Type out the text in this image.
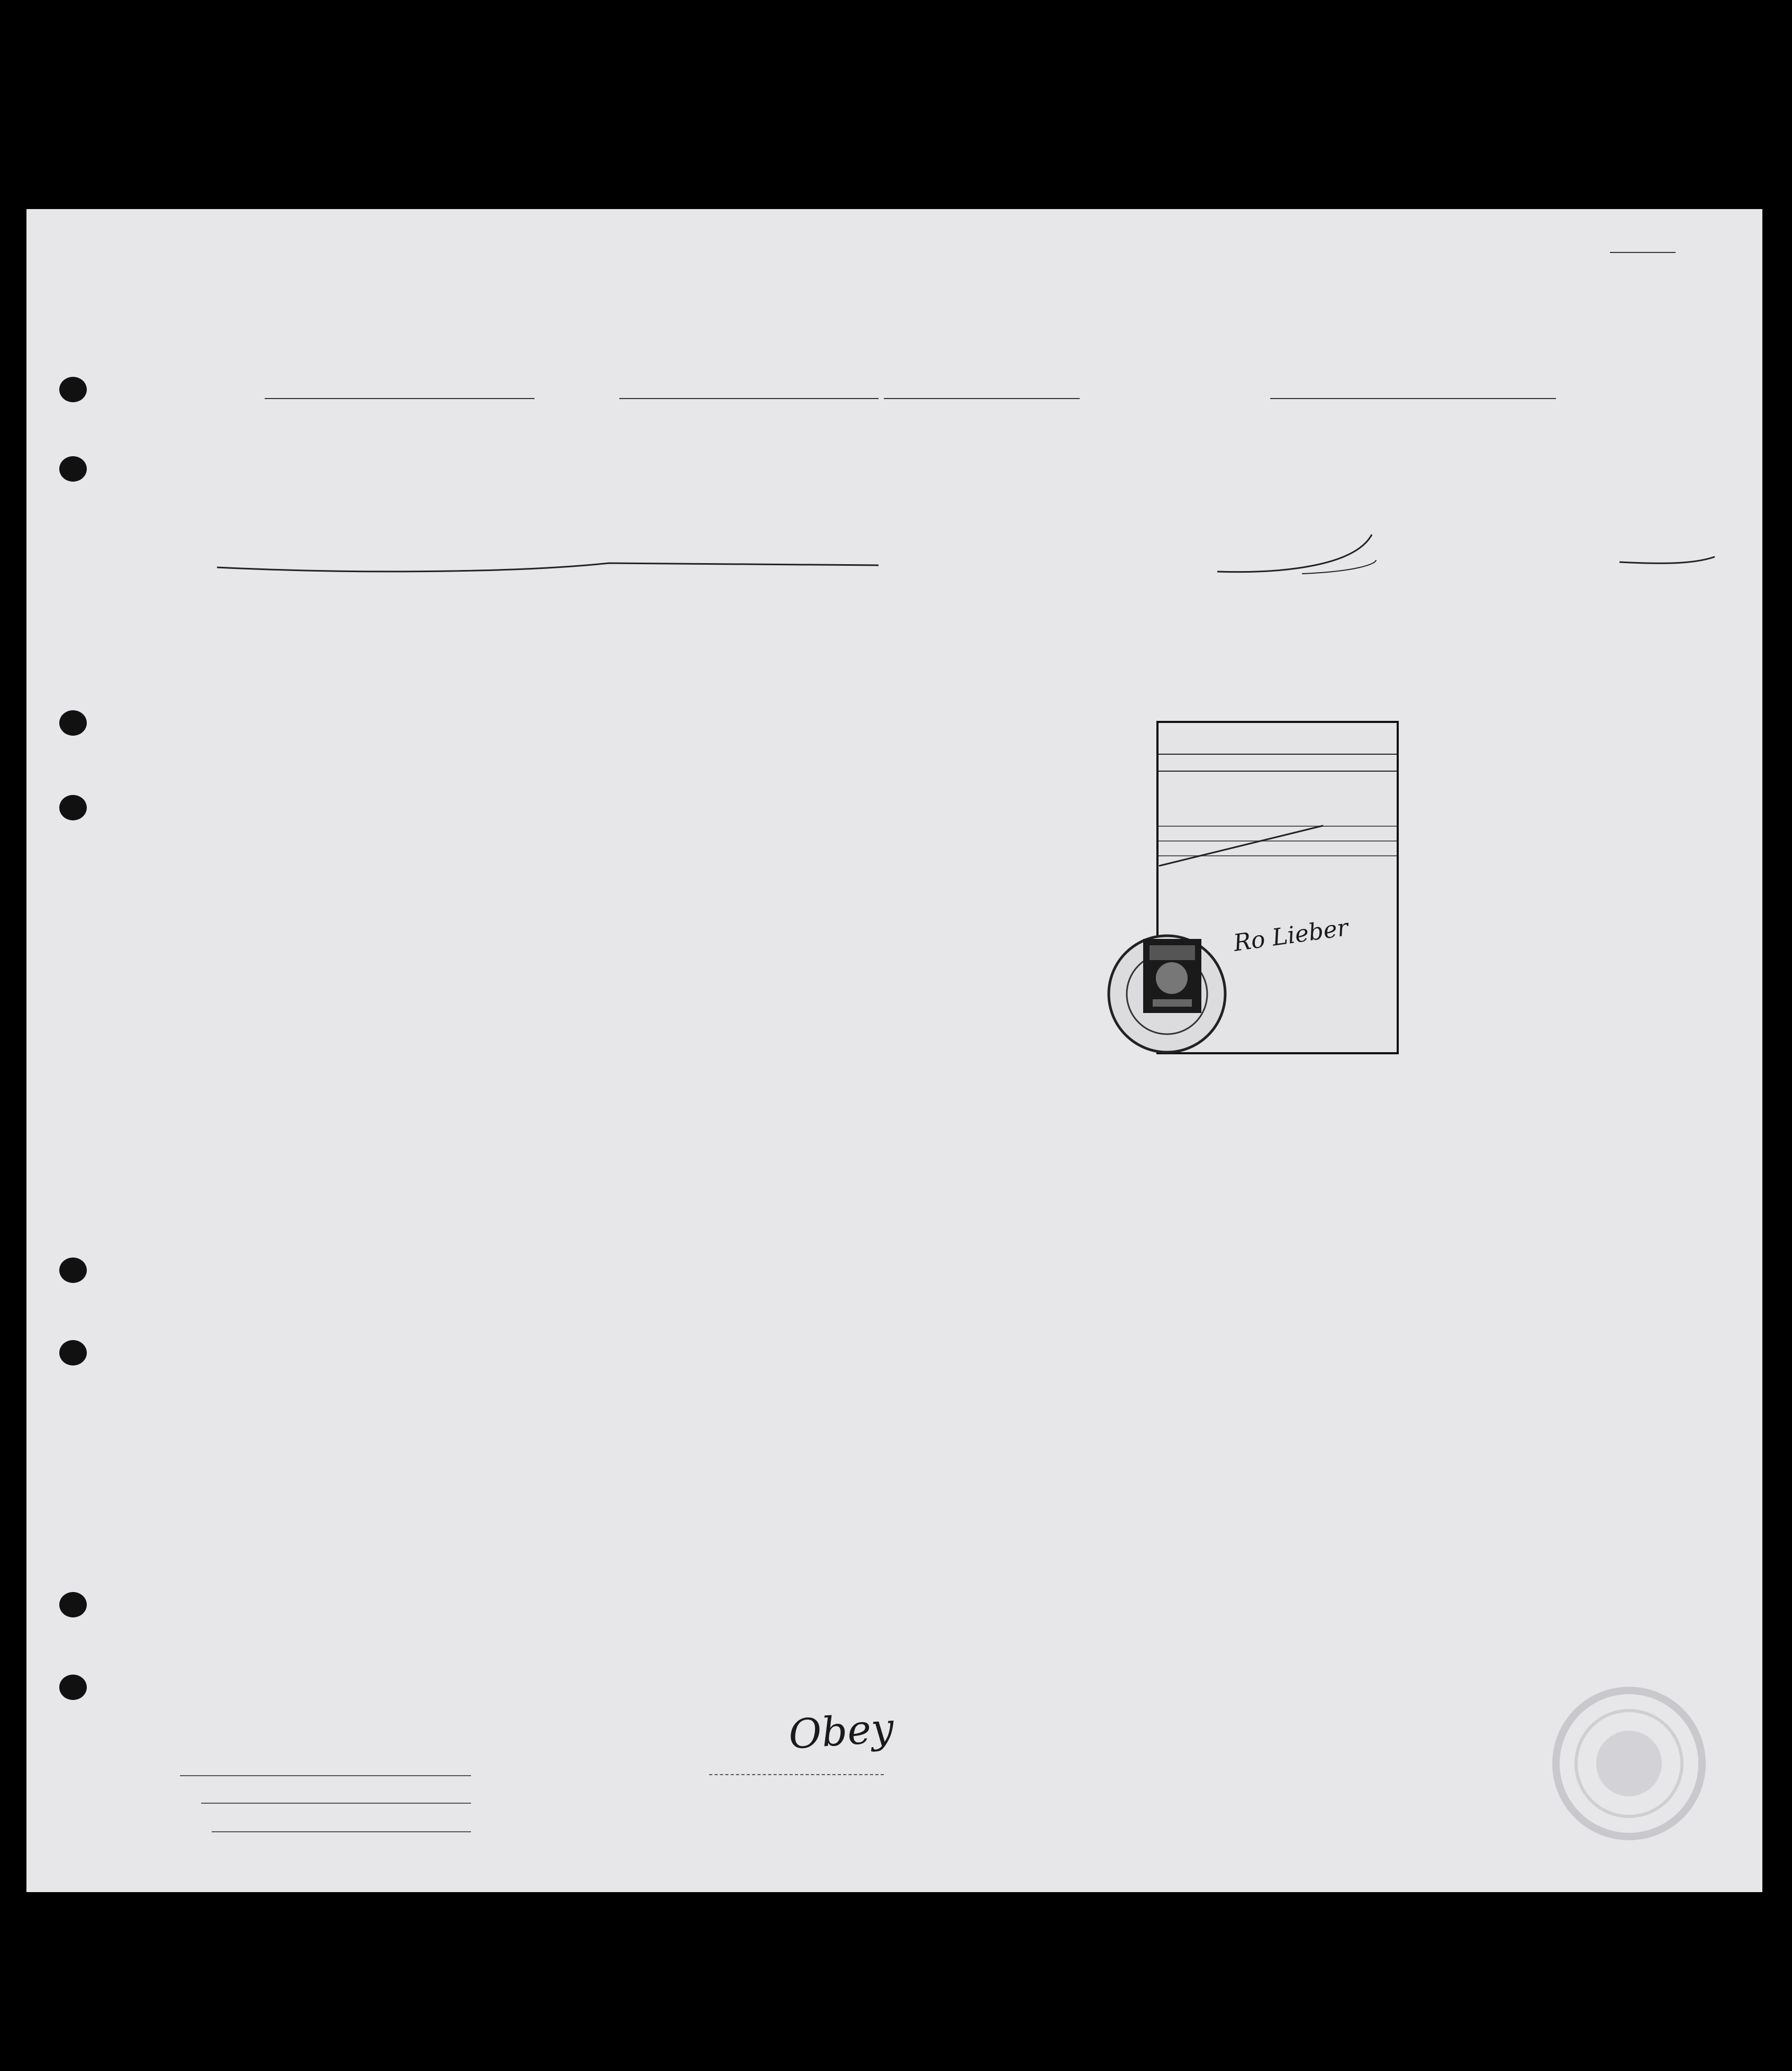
Ro Lieber
Obey
